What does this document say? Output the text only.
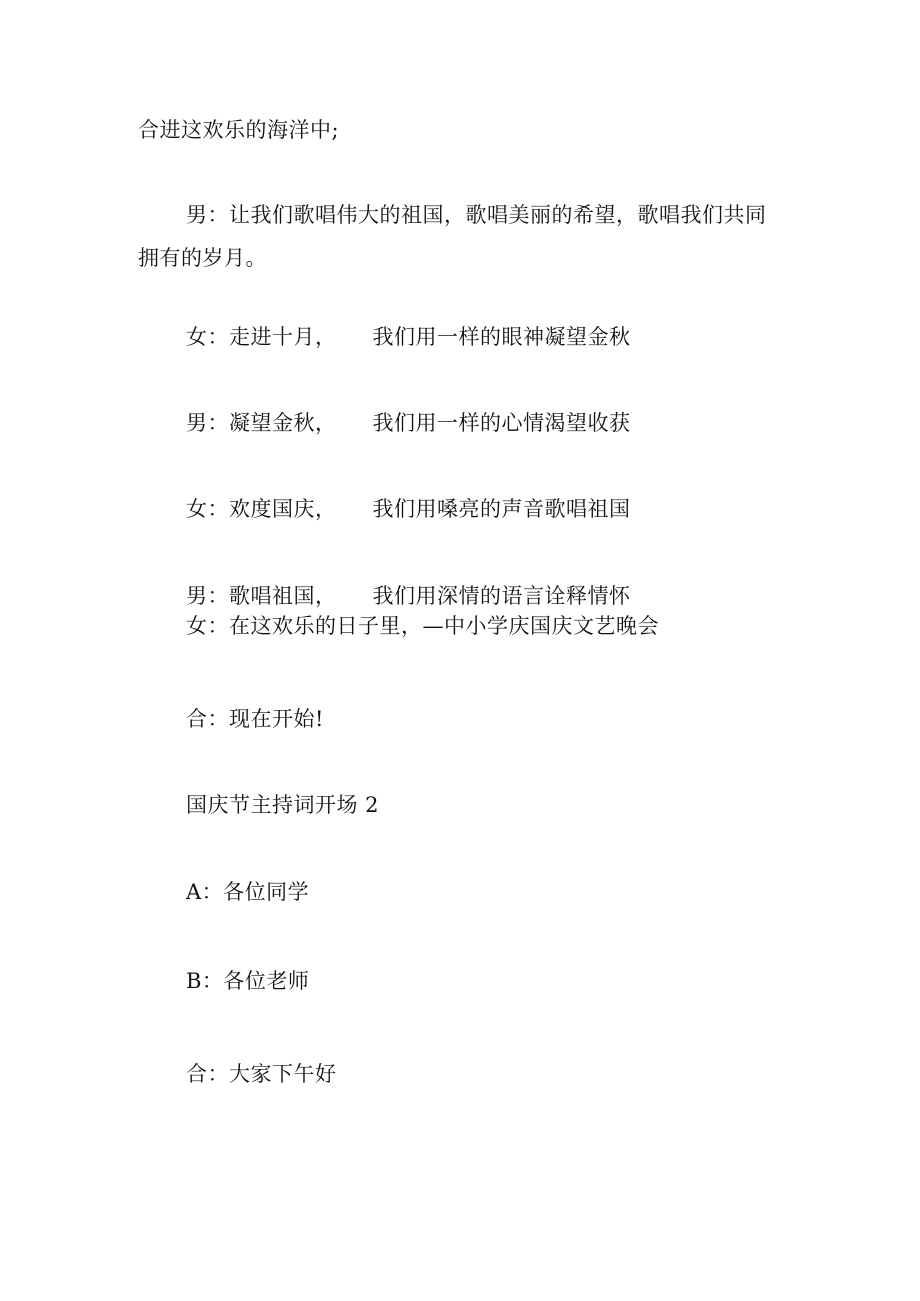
合进这欢乐的海洋中;
男：让我们歌唱伟大的祖国，歌唱美丽的希望，歌唱我们共同
拥有的岁月。
女：走进十月， 我们用一样的眼神凝望金秋
男：凝望金秋， 我们用一样的心情渴望收获
女：欢度国庆， 我们用嗓亮的声音歌唱祖国
男：歌唱祖国， 我们用深情的语言诠释情怀
女：在这欢乐的日子里，—中小学庆国庆文艺晚会
合：现在开始!
国庆节主持词开场 2
A：各位同学
B：各位老师
合：大家下午好
